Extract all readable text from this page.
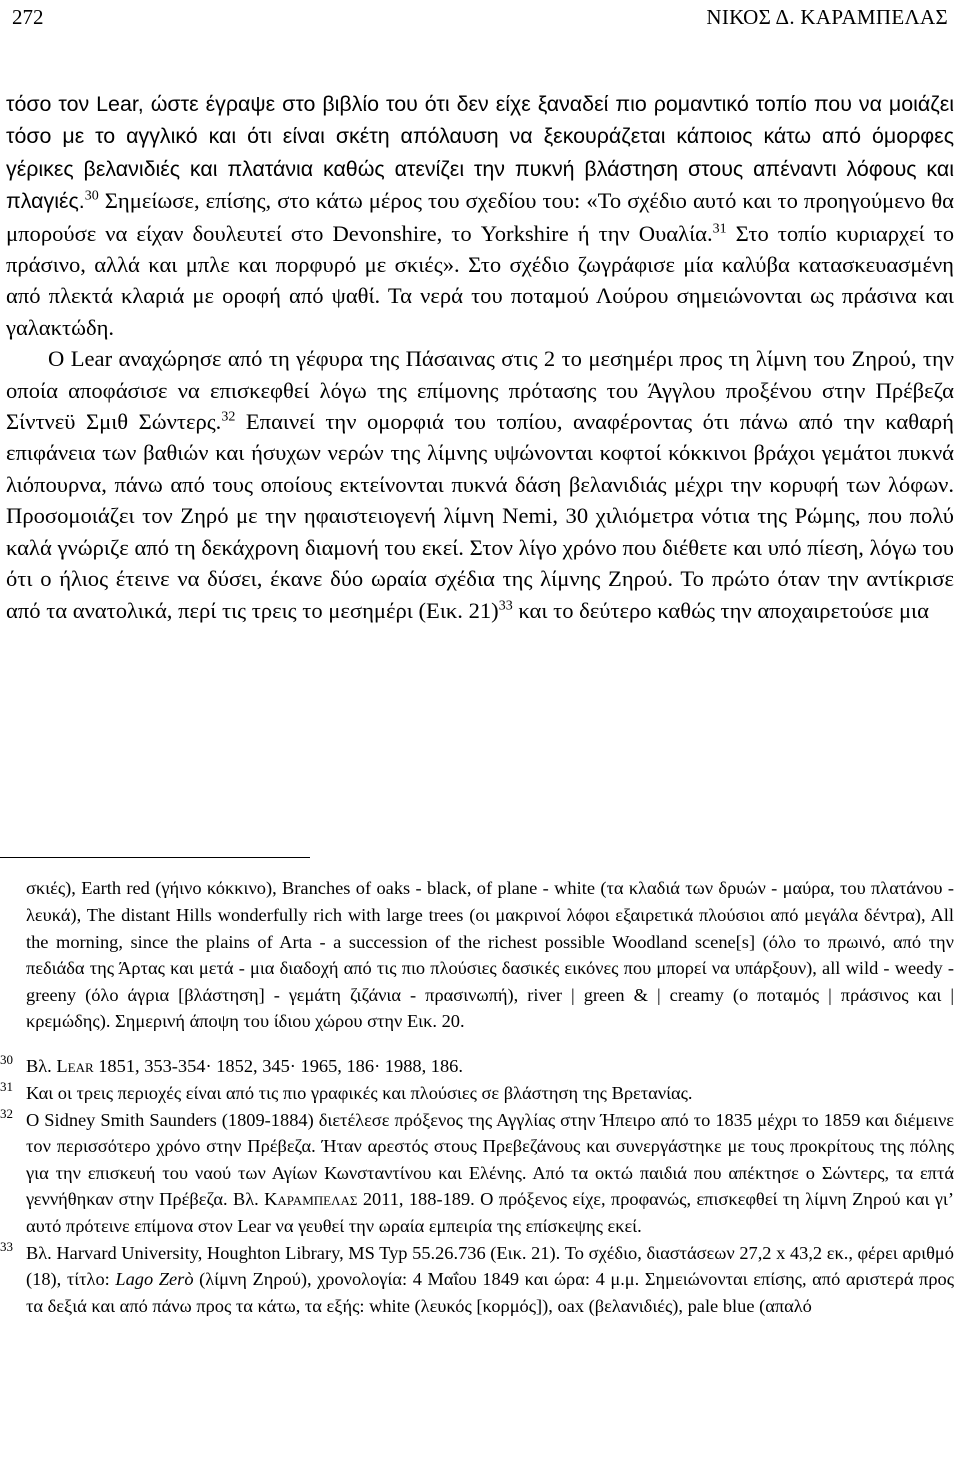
272	ΝΙΚΟΣ Δ. ΚΑΡΑΜΠΕΛΑΣ

τόσο τον Lear, ώστε έγραψε στο βιβλίο του ότι δεν είχε ξαναδεί πιο ρομαντικό τοπίο που να μοιάζει τόσο με το αγγλικό και ότι είναι σκέτη απόλαυση να ξεκουράζεται κάποιος κάτω από όμορφες γέρικες βελανιδιές και πλατάνια καθώς ατενίζει την πυκνή βλάστηση στους απέναντι λόφους και πλαγιές.$^{30}$ Σημείωσε, επίσης, στο κάτω μέρος του σχεδίου του: «Το σχέδιο αυτό και το προηγούμενο θα μπορούσε να είχαν δουλευτεί στο Devonshire, το Yorkshire ή την Ουαλία.$^{31}$ Στο τοπίο κυριαρχεί το πράσινο, αλλά και μπλε και πορφυρό με σκιές». Στο σχέδιο ζωγράφισε μία καλύβα κατασκευασμένη από πλεκτά κλαριά με οροφή από ψαθί. Τα νερά του ποταμού Λούρου σημειώνονται ως πράσινα και γαλακτώδη.

Ο Lear αναχώρησε από τη γέφυρα της Πάσαινας στις 2 το μεσημέρι προς τη λίμνη του Ζηρού, την οποία αποφάσισε να επισκεφθεί λόγω της επίμονης πρότασης του Άγγλου προξένου στην Πρέβεζα Σίντνεϋ Σμιθ Σώντερς.$^{32}$ Επαινεί την ομορφιά του τοπίου, αναφέροντας ότι πάνω από την καθαρή επιφάνεια των βαθιών και ήσυχων νερών της λίμνης υψώνονται κοφτοί κόκκινοι βράχοι γεμάτοι πυκνά λιόπουρνα, πάνω από τους οποίους εκτείνονται πυκνά δάση βελανιδιάς μέχρι την κορυφή των λόφων. Προσομοιάζει τον Ζηρό με την ηφαιστειογενή λίμνη Nemi, 30 χιλιόμετρα νότια της Ρώμης, που πολύ καλά γνώριζε από τη δεκάχρονη διαμονή του εκεί. Στον λίγο χρόνο που διέθετε και υπό πίεση, λόγω του ότι ο ήλιος έτεινε να δύσει, έκανε δύο ωραία σχέδια της λίμνης Ζηρού. Το πρώτο όταν την αντίκρισε από τα ανατολικά, περί τις τρεις το μεσημέρι (Εικ. 21)$^{33}$ και το δεύτερο καθώς την αποχαιρετούσε μια

σκιές), Earth red (γήινο κόκκινο), Branches of oaks - black, of plane - white (τα κλαδιά των δρυών - μαύρα, του πλατάνου - λευκά), The distant Hills wonderfully rich with large trees (οι μακρινοί λόφοι εξαιρετικά πλούσιοι από μεγάλα δέντρα), All the morning, since the plains of Arta - a succession of the richest possible Woodland scene[s] (όλο το πρωινό, από την πεδιάδα της Άρτας και μετά - μια διαδοχή από τις πιο πλούσιες δασικές εικόνες που μπορεί να υπάρξουν), all wild - weedy - greeny (όλο άγρια [βλάστηση] - γεμάτη ζιζάνια - πρασινωπή), river | green & | creamy (ο ποταμός | πράσινος και | κρεμώδης). Σημερινή άποψη του ίδιου χώρου στην Εικ. 20.

30 Βλ. Lear 1851, 353-354· 1852, 345· 1965, 186· 1988, 186.

31 Και οι τρεις περιοχές είναι από τις πιο γραφικές και πλούσιες σε βλάστηση της Βρετανίας.

32 Ο Sidney Smith Saunders (1809-1884) διετέλεσε πρόξενος της Αγγλίας στην Ήπειρο από το 1835 μέχρι το 1859 και διέμεινε τον περισσότερο χρόνο στην Πρέβεζα. Ήταν αρεστός στους Πρεβεζάνους και συνεργάστηκε με τους προκρίτους της πόλης για την επισκευή του ναού των Αγίων Κωνσταντίνου και Ελένης. Από τα οκτώ παιδιά που απέκτησε ο Σώντερς, τα επτά γεννήθηκαν στην Πρέβεζα. Βλ. Καραμπελας 2011, 188-189. Ο πρόξενος είχε, προφανώς, επισκεφθεί τη λίμνη Ζηρού και γι’ αυτό πρότεινε επίμονα στον Lear να γευθεί την ωραία εμπειρία της επίσκεψης εκεί.

33 Βλ. Harvard University, Houghton Library, MS Typ 55.26.736 (Εικ. 21). Το σχέδιο, διαστάσεων 27,2 x 43,2 εκ., φέρει αριθμό (18), τίτλο: Lago Zerò (λίμνη Ζηρού), χρονολογία: 4 Μαΐου 1849 και ώρα: 4 μ.μ. Σημειώνονται επίσης, από αριστερά προς τα δεξιά και από πάνω προς τα κάτω, τα εξής: white (λευκός [κορμός]), oax (βελανιδιές), pale blue (απαλό
